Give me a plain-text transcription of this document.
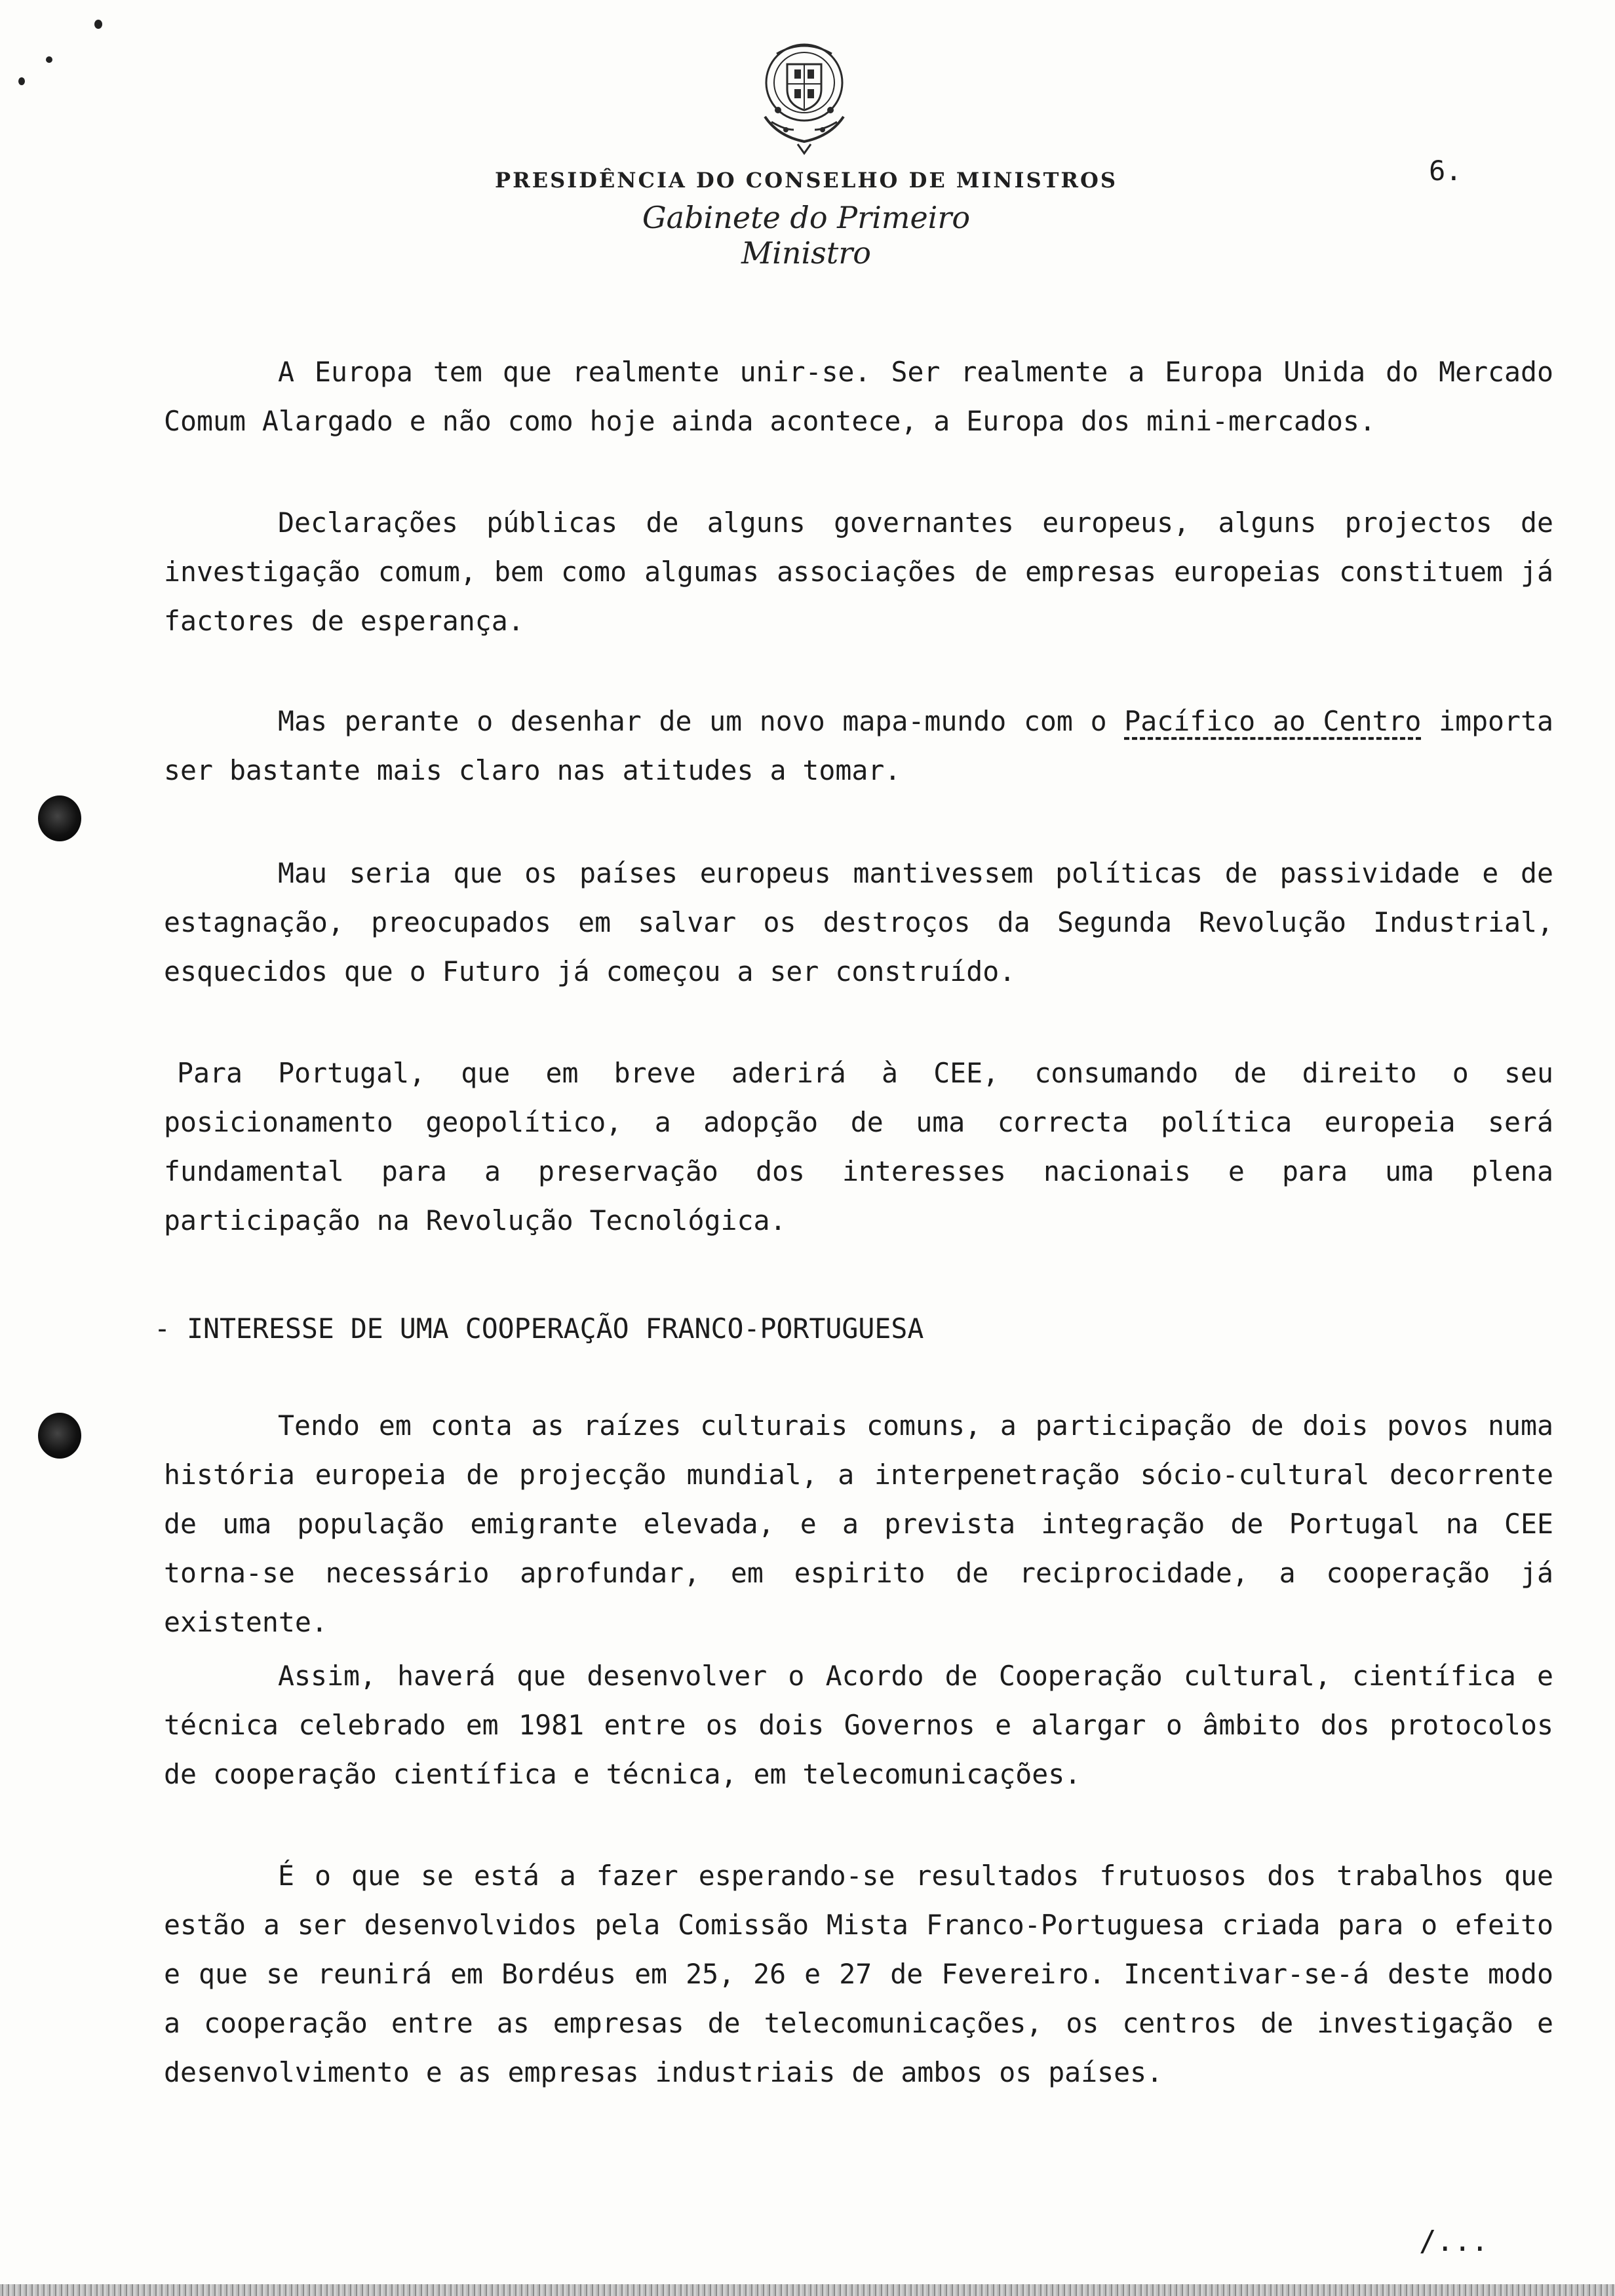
PRESIDÊNCIA DO CONSELHO DE MINISTROS
Gabinete do Primeiro Ministro
6.

A Europa tem que realmente unir-se. Ser realmente a Europa Unida do Mercado Comum Alargado e não como hoje ainda acontece, a Europa dos mini-mercados.

Declarações públicas de alguns governantes europeus, alguns projectos de investigação comum, bem como algumas associações de empresas europeias constituem já factores de esperança.

Mas perante o desenhar de um novo mapa-mundo com o Pacífico ao Centro importa ser bastante mais claro nas atitudes a tomar.

Mau seria que os países europeus mantivessem políticas de passividade e de estagnação, preocupados em salvar os destroços da Segunda Revolução Industrial, esquecidos que o Futuro já começou a ser construído.

Para Portugal, que em breve aderirá à CEE, consumando de direito o seu posicionamento geopolítico, a adopção de uma correcta política europeia será fundamental para a preservação dos interesses nacionais e para uma plena participação na Revolução Tecnológica.

- INTERESSE DE UMA COOPERAÇÃO FRANCO-PORTUGUESA

Tendo em conta as raízes culturais comuns, a participação de dois povos numa história europeia de projecção mundial, a interpenetração sócio-cultural decorrente de uma população emigrante elevada, e a prevista integração de Portugal na CEE torna-se necessário aprofundar, em espirito de reciprocidade, a cooperação já existente.

Assim, haverá que desenvolver o Acordo de Cooperação cultural, científica e técnica celebrado em 1981 entre os dois Governos e alargar o âmbito dos protocolos de cooperação científica e técnica, em telecomunicações.

É o que se está a fazer esperando-se resultados frutuosos dos trabalhos que estão a ser desenvolvidos pela Comissão Mista Franco-Portuguesa criada para o efeito e que se reunirá em Bordéus em 25, 26 e 27 de Fevereiro. Incentivar-se-á deste modo a cooperação entre as empresas de telecomunicações, os centros de investigação e desenvolvimento e as empresas industriais de ambos os países.

/...
